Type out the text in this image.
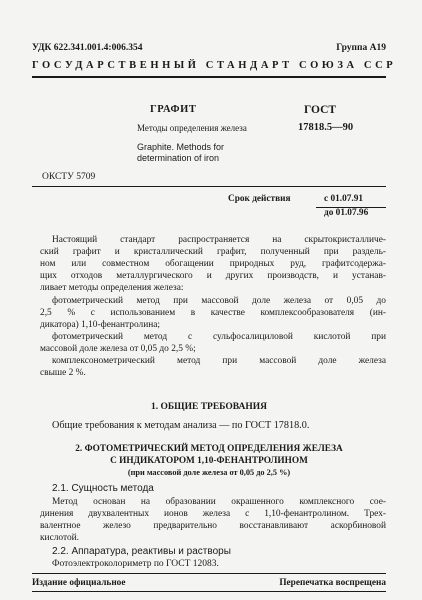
УДК 622.341.001.4:006.354	Группа А19
ГОСУДАРСТВЕННЫЙ СТАНДАРТ СОЮЗА ССР
ГРАФИТ
Методы определения железа
Graphite. Methods for
determination of iron
ГОСТ
17818.5—90
ОКСТУ 5709
Срок действия	с 01.07.91
до 01.07.96
Настоящий стандарт распространяется на скрытокристалличе-
ский графит и кристаллический графит, полученный при раздель-
ном или совместном обогащении природных руд, графитсодержа-
щих отходов металлургического и других производств, и устанав-
ливает методы определения железа:
фотометрический метод при массовой доле железа от 0,05 до
2,5 % с использованием в качестве комплексообразователя (ин-
дикатора) 1,10-фенантролина;
фотометрический метод с сульфосалициловой кислотой при
массовой доле железа от 0,05 до 2,5 %;
комплексонометрический метод при массовой доле железа
свыше 2 %.
1. ОБЩИЕ ТРЕБОВАНИЯ
Общие требования к методам анализа — по ГОСТ 17818.0.
2. ФОТОМЕТРИЧЕСКИЙ МЕТОД ОПРЕДЕЛЕНИЯ ЖЕЛЕЗА
С ИНДИКАТОРОМ 1,10-ФЕНАНТРОЛИНОМ
(при массовой доле железа от 0,05 до 2,5 %)
2.1. Сущность метода
Метод основан на образовании окрашенного комплексного сое-
динения двухвалентных ионов железа с 1,10-фенантролином. Трех-
валентное железо предварительно восстанавливают аскорбиновой
кислотой.
2.2. Аппаратура, реактивы и растворы
Фотоэлектроколориметр по ГОСТ 12083.
Издание официальное	Перепечатка воспрещена
